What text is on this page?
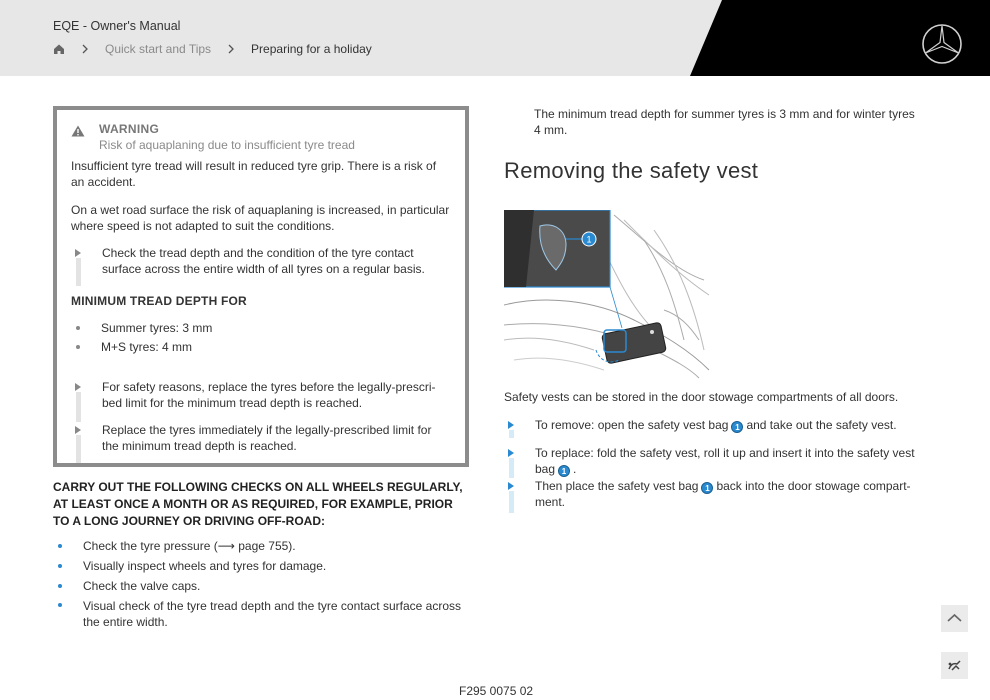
EQE - Owner's Manual
Quick start and Tips	Preparing for a holiday
WARNING
Risk of aquaplaning due to insufficient tyre tread
Insufficient tyre tread will result in reduced tyre grip. There is a risk of an accident.
On a wet road surface the risk of aquaplaning is increased, in particular where speed is not adapted to suit the conditions.
Check the tread depth and the condition of the tyre contact surface across the entire width of all tyres on a regular basis.
MINIMUM TREAD DEPTH FOR
Summer tyres: 3 mm
M+S tyres: 4 mm
For safety reasons, replace the tyres before the legally-prescri- bed limit for the minimum tread depth is reached.
Replace the tyres immediately if the legally-prescribed limit for the minimum tread depth is reached.
CARRY OUT THE FOLLOWING CHECKS ON ALL WHEELS REGULARLY, AT LEAST ONCE A MONTH OR AS REQUIRED, FOR EXAMPLE, PRIOR TO A LONG JOURNEY OR DRIVING OFF-ROAD:
Check the tyre pressure (⟶ page 755).
Visually inspect wheels and tyres for damage.
Check the valve caps.
Visual check of the tyre tread depth and the tyre contact surface across the entire width.
The minimum tread depth for summer tyres is 3 mm and for winter tyres 4 mm.
Removing the safety vest
1
Safety vests can be stored in the door stowage compartments of all doors.
To remove: open the safety vest bag 1 and take out the safety vest.
To replace: fold the safety vest, roll it up and insert it into the safety vest bag 1 .
Then place the safety vest bag 1 back into the door stowage compart- ment.
F295 0075 02
